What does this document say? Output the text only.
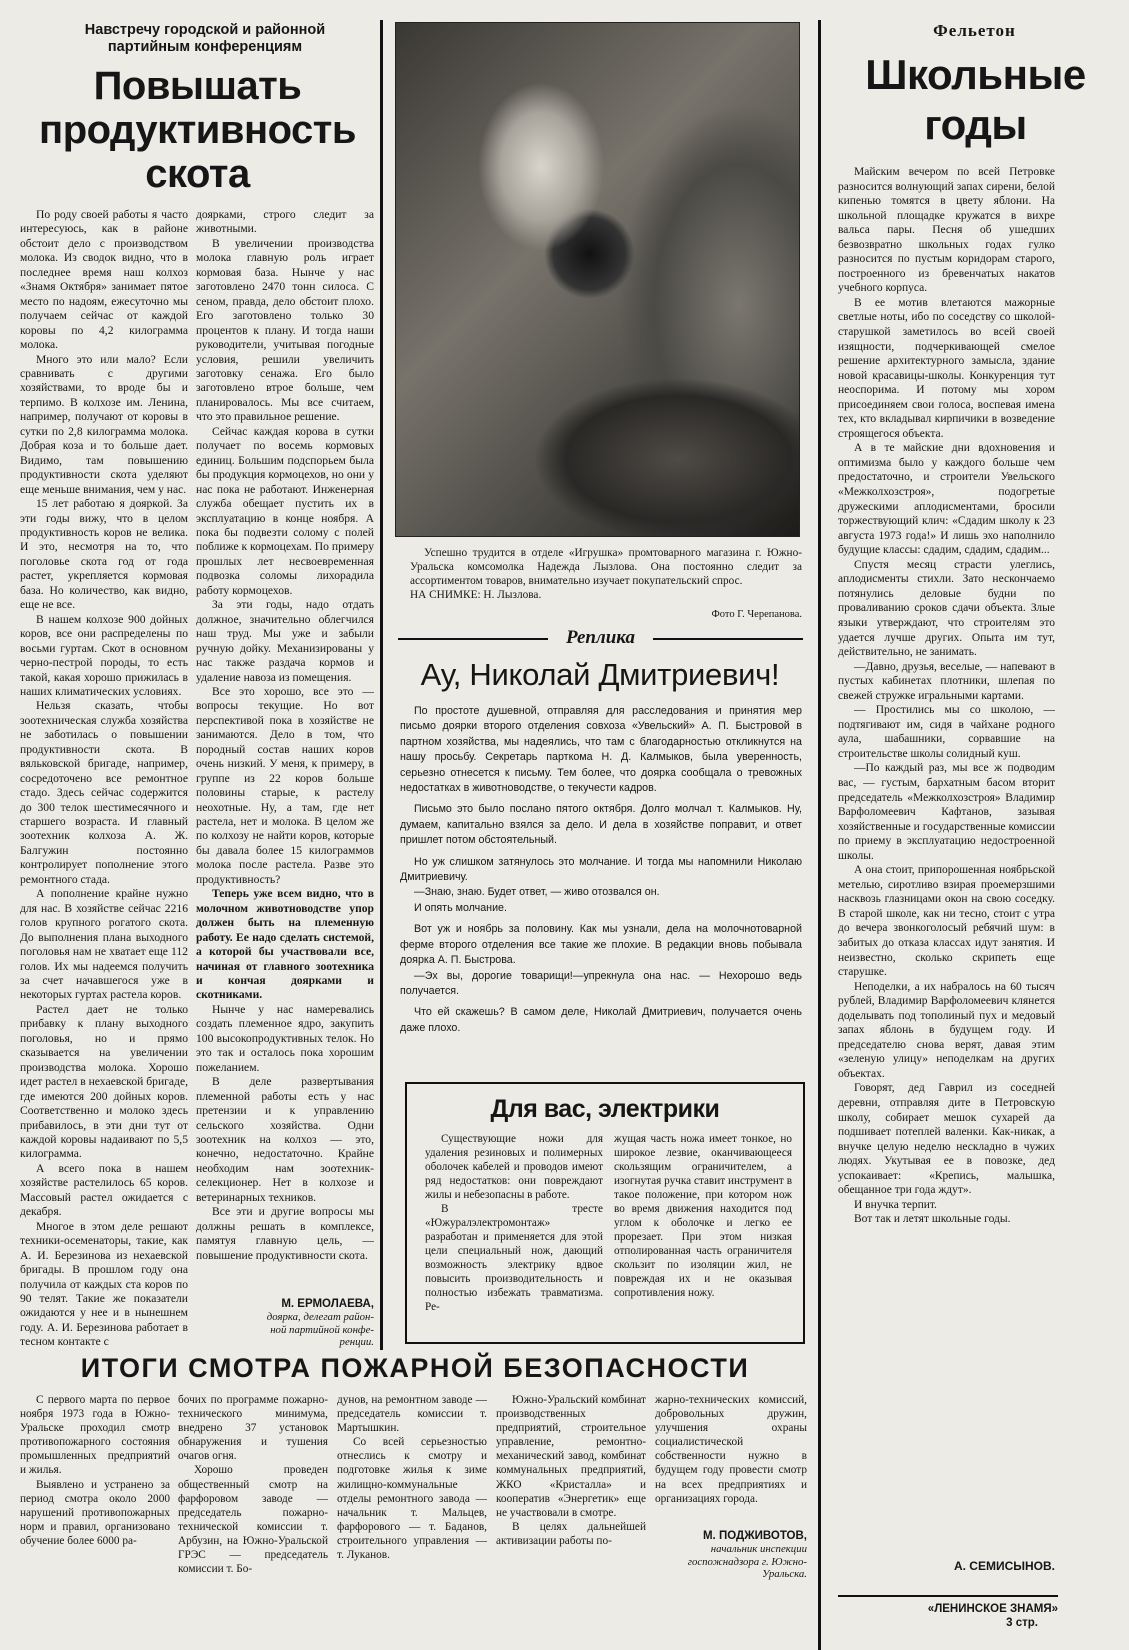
Навстречу городской и районной
партийным конференциям
Повышать
продуктивность
скота

По роду своей работы я часто интересуюсь, как в районе обстоит дело с производством молока. Из сводок видно, что в последнее время наш колхоз «Знамя Октября» занимает пятое место по надоям, ежесуточно мы получаем сейчас от каждой коровы по 4,2 килограмма молока.

Много это или мало? Если сравнивать с другими хозяйствами, то вроде бы и терпимо. В колхозе им. Ленина, например, получают от коровы в сутки по 2,8 килограмма молока. Добрая коза и то больше дает. Видимо, там повышению продуктивности скота уделяют еще меньше внимания, чем у нас.

15 лет работаю я дояркой. За эти годы вижу, что в целом продуктивность коров не велика. И это, несмотря на то, что поголовье скота год от года растет, укрепляется кормовая база. Но количество, как видно, еще не все.

В нашем колхозе 900 дойных коров, все они распределены по восьми гуртам. Скот в основном черно-пестрой породы, то есть такой, какая хорошо прижилась в наших климатических условиях.

Нельзя сказать, чтобы зоотехническая служба хозяйства не заботилась о повышении продуктивности скота. В вяльковской бригаде, например, сосредоточено все ремонтное стадо. Здесь сейчас содержится до 300 телок шестимесячного и старшего возраста. И главный зоотехник колхоза А. Ж. Балгужин постоянно контролирует пополнение этого ремонтного стада.

А пополнение крайне нужно для нас. В хозяйстве сейчас 2216 голов крупного рогатого скота. До выполнения плана выходного поголовья нам не хватает еще 112 голов. Их мы надеемся получить за счет начавшегося уже в некоторых гуртах растела коров.

Растел дает не только прибавку к плану выходного поголовья, но и прямо сказывается на увеличении производства молока. Хорошо идет растел в нехаевской бригаде, где имеются 200 дойных коров. Соответственно и молоко здесь прибавилось, в эти дни тут от каждой коровы надаивают по 5,5 килограмма.

А всего пока в нашем хозяйстве растелилось 65 коров. Массовый растел ожидается с декабря.

Многое в этом деле решают техники-осеменаторы, такие, как А. И. Березинова из нехаевской бригады. В прошлом году она получила от каждых ста коров по 90 телят. Такие же показатели ожидаются у нее и в нынешнем году. А. И. Березинова работает в тесном контакте с

доярками, строго следит за животными.

В увеличении производства молока главную роль играет кормовая база. Нынче у нас заготовлено 2470 тонн силоса. С сеном, правда, дело обстоит плохо. Его заготовлено только 30 процентов к плану. И тогда наши руководители, учитывая погодные условия, решили увеличить заготовку сенажа. Его было заготовлено втрое больше, чем планировалось. Мы все считаем, что это правильное решение.

Сейчас каждая корова в сутки получает по восемь кормовых единиц. Большим подспорьем была бы продукция кормоцехов, но они у нас пока не работают. Инженерная служба обещает пустить их в эксплуатацию в конце ноября. А пока бы подвезти солому с полей поближе к кормоцехам. По примеру прошлых лет несвоевременная подвозка соломы лихорадила работу кормоцехов.

За эти годы, надо отдать должное, значительно облегчился наш труд. Мы уже и забыли ручную дойку. Механизированы у нас также раздача кормов и удаление навоза из помещения.

Все это хорошо, все это — вопросы текущие. Но вот перспективой пока в хозяйстве не занимаются. Дело в том, что породный состав наших коров очень низкий. У меня, к примеру, в группе из 22 коров больше половины старые, к растелу неохотные. Ну, а там, где нет растела, нет и молока. В целом же по колхозу не найти коров, которые бы давала более 15 килограммов молока после растела. Разве это продуктивность?

Теперь уже всем видно, что в молочном животноводстве упор должен быть на племенную работу. Ее надо сделать системой, а которой бы участвовали все, начиная от главного зоотехника и кончая доярками и скотниками.

Нынче у нас намеревались создать племенное ядро, закупить 100 высокопродуктивных телок. Но это так и осталось пока хорошим пожеланием.

В деле развертывания племенной работы есть у нас претензии и к управлению сельского хозяйства. Одни зоотехник на колхоз — это, конечно, недостаточно. Крайне необходим нам зоотехник-селекционер. Нет в колхозе и ветеринарных техников.

Все эти и другие вопросы мы должны решать в комплексе, памятуя главную цель, — повышение продуктивности скота.

М. ЕРМОЛАЕВА,
доярка, делегат район-
ной партийной конфе-
ренции.
Успешно трудится в отделе «Игрушка» промтоварного магазина г. Южно-Уральска комсомолка Надежда Лызлова. Она постоянно следит за ассортиментом товаров, внимательно изучает покупательский спрос.
НА СНИМКЕ: Н. Лызлова.
Фото Г. Черепанова.
Реплика
Ау, Николай Дмитриевич!

По простоте душевной, отправляя для расследования и принятия мер письмо доярки второго отделения совхоза «Увельский» А. П. Быстровой в партном хозяйства, мы надеялись, что там с благодарностью откликнутся на нашу просьбу. Секретарь парткома Н. Д. Калмыков, была уверенность, серьезно отнесется к письму. Тем более, что доярка сообщала о тревожных недостатках в животноводстве, о текучести кадров.

Письмо это было послано пятого октября. Долго молчал т. Калмыков. Ну, думаем, капитально взялся за дело. И дела в хозяйстве поправит, и ответ пришлет потом обстоятельный.

Но уж слишком затянулось это молчание. И тогда мы напомнили Николаю Дмитриевичу.

—Знаю, знаю. Будет ответ, — живо отозвался он.

И опять молчание.

Вот уж и ноябрь за половину. Как мы узнали, дела на молочнотоварной ферме второго отделения все такие же плохие. В редакции вновь побывала доярка А. П. Быстрова.

—Эх вы, дорогие товарищи!—упрекнула она нас. — Нехорошо ведь получается.

Что ей скажешь? В самом деле, Николай Дмитриевич, получается очень даже плохо.

Для вас, электрики

Существующие ножи для удаления резиновых и полимерных оболочек кабелей и проводов имеют ряд недостатков: они повреждают жилы и небезопасны в работе.

В тресте «Южуралэлектромонтаж» разработан и применяется для этой цели специальный нож, дающий возможность электрику вдвое повысить производительность и полностью избежать травматизма. Ре-

жущая часть ножа имеет тонкое, но широкое лезвие, оканчивающееся скользящим ограничителем, а изогнутая ручка ставит инструмент в такое положение, при котором нож во время движения находится под углом к оболочке и легко ее прорезает. При этом низкая отполированная часть ограничителя скользит по изоляции жил, не повреждая их и не оказывая сопротивления ножу.

ИТОГИ СМОТРА ПОЖАРНОЙ БЕЗОПАСНОСТИ

С первого марта по первое ноября 1973 года в Южно-Уральске проходил смотр противопожарного состояния промышленных предприятий и жилья.

Выявлено и устранено за период смотра около 2000 нарушений противопожарных норм и правил, организовано обучение более 6000 ра-

бочих по программе пожарно-технического минимума, внедрено 37 установок обнаружения и тушения очагов огня.

Хорошо проведен общественный смотр на фарфоровом заводе — председатель пожарно-технической комиссии т. Арбузин, на Южно-Уральской ГРЭС — председатель комиссии т. Бо-

дунов, на ремонтном заводе — председатель комиссии т. Мартышкин.

Со всей серьезностью отнеслись к смотру и подготовке жилья к зиме жилищно-коммунальные отделы ремонтного завода — начальник т. Мальцев, фарфорового — т. Баданов, строительного управления — т. Луканов.

Южно-Уральский комбинат производственных предприятий, строительное управление, ремонтно-механический завод, комбинат коммунальных предприятий, ЖКО «Кристалла» и кооператив «Энергетик» еще не участвовали в смотре.

В целях дальнейшей активизации работы по-

жарно-технических комиссий, добровольных дружин, улучшения охраны социалистической собственности нужно в будущем году провести смотр на всех предприятиях и организациях города.

М. ПОДЖИВОТОВ,
начальник инспекции
госпожнадзора г. Южно-Уральска.
Фельетон
Школьные
годы

Майским вечером по всей Петровке разносится волнующий запах сирени, белой кипенью томятся в цвету яблони. На школьной площадке кружатся в вихре вальса пары. Песня об ушедших безвозвратно школьных годах гулко разносится по пустым коридорам старого, построенного из бревенчатых накатов учебного корпуса.

В ее мотив влетаются мажорные светлые ноты, ибо по соседству со школой-старушкой заметилось во всей своей изящности, подчеркивающей смелое решение архитектурного замысла, здание новой красавицы-школы. Конкуренция тут неоспорима. И потому мы хором присоединяем свои голоса, воспевая имена тех, кто вкладывал кирпичики в возведение строящегося объекта.

А в те майские дни вдохновения и оптимизма было у каждого больше чем предостаточно, и строители Увельского «Межколхозстроя», подогретые дружескими аплодисментами, бросили торжествующий клич: «Сдадим школу к 23 августа 1973 года!» И лишь эхо наполнило будущие классы: сдадим, сдадим, сдадим...

Спустя месяц страсти улеглись, аплодисменты стихли. Зато нескончаемо потянулись деловые будни по проваливанию сроков сдачи объекта. Злые языки утверждают, что строителям это удается лучше других. Опыта им тут, действительно, не занимать.

—Давно, друзья, веселые, — напевают в пустых кабинетах плотники, шлепая по свежей стружке игральными картами.

— Простились мы со школою, — подтягивают им, сидя в чайхане родного аула, шабашники, сорвавшие на строительстве школы солидный куш.

—По каждый раз, мы все ж подводим вас, — густым, бархатным басом вторит председатель «Межколхозстроя» Владимир Варфоломеевич Кафтанов, зазывая хозяйственные и государственные комиссии по приему в эксплуатацию недостроенной школы.

А она стоит, припорошенная ноябрьской метелью, сиротливо взирая проемерзшими насквозь глазницами окон на свою соседку. В старой школе, как ни тесно, стоит с утра до вечера звонкоголосый ребячий шум: в забитых до отказа классах идут занятия. И неизвестно, сколько скрипеть еще старушке.

Неподелки, а их набралось на 60 тысяч рублей, Владимир Варфоломеевич клянется доделывать под тополиный пух и медовый запах яблонь в будущем году. И председателю снова верят, давая этим «зеленую улицу» неподелкам на других объектах.

Говорят, дед Гаврил из соседней деревни, отправляя дите в Петровскую школу, собирает мешок сухарей да подшивает потеплей валенки. Как-никак, а внучке целую неделю нескладно в чужих людях. Укутывая ее в повозке, дед успокаивает: «Крепись, малышка, обещанное три года ждут».

И внучка терпит.

Вот так и летят школьные годы.

А. СЕМИСЫНОВ.
«ЛЕНИНСКОЕ ЗНАМЯ»
3 стр.
